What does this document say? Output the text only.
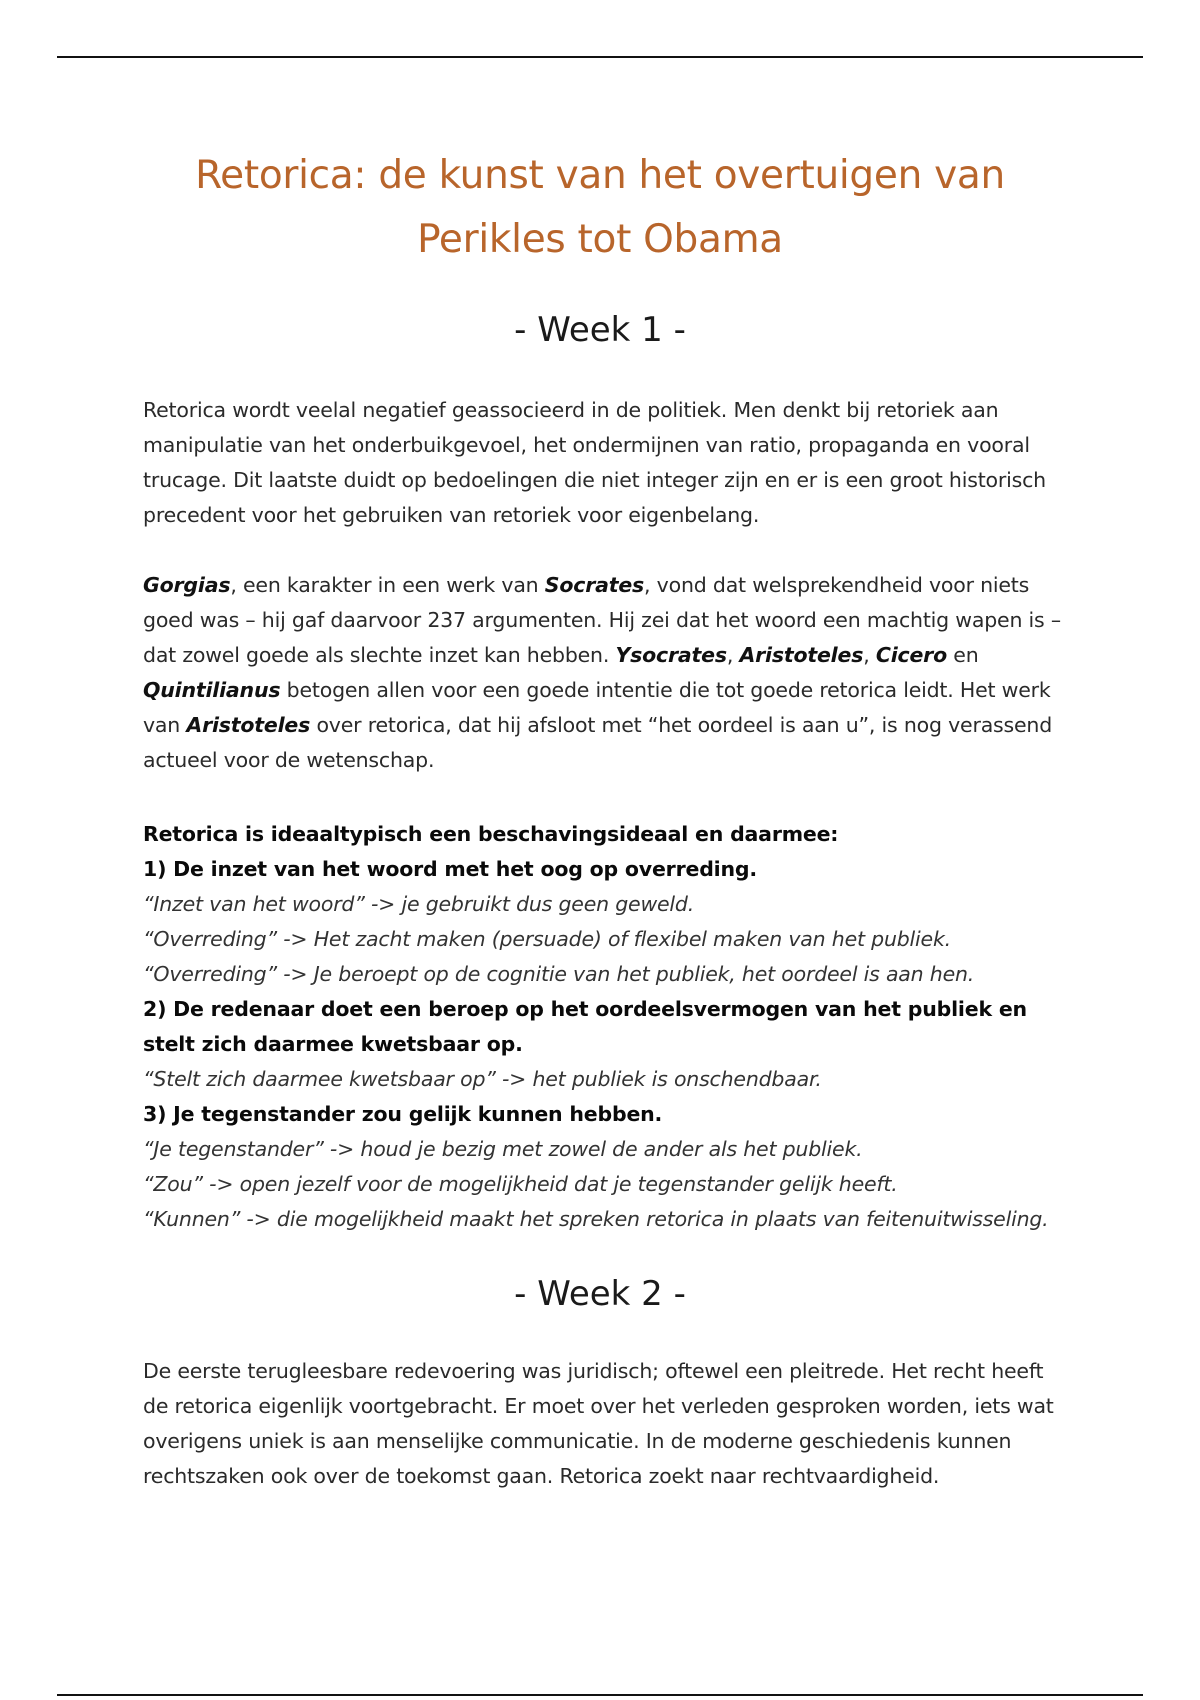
Retorica: de kunst van het overtuigen van
Perikles tot Obama
- Week 1 -
Retorica wordt veelal negatief geassocieerd in de politiek. Men denkt bij retoriek aan manipulatie van het onderbuikgevoel, het ondermijnen van ratio, propaganda en vooral trucage. Dit laatste duidt op bedoelingen die niet integer zijn en er is een groot historisch precedent voor het gebruiken van retoriek voor eigenbelang.
Gorgias, een karakter in een werk van Socrates, vond dat welsprekendheid voor niets goed was – hij gaf daarvoor 237 argumenten. Hij zei dat het woord een machtig wapen is – dat zowel goede als slechte inzet kan hebben. Ysocrates, Aristoteles, Cicero en Quintilianus betogen allen voor een goede intentie die tot goede retorica leidt. Het werk van Aristoteles over retorica, dat hij afsloot met “het oordeel is aan u”, is nog verassend actueel voor de wetenschap.
Retorica is ideaaltypisch een beschavingsideaal en daarmee:
1) De inzet van het woord met het oog op overreding.
“Inzet van het woord” -> je gebruikt dus geen geweld.
“Overreding” -> Het zacht maken (persuade) of flexibel maken van het publiek.
“Overreding” -> Je beroept op de cognitie van het publiek, het oordeel is aan hen.
2) De redenaar doet een beroep op het oordeelsvermogen van het publiek en stelt zich daarmee kwetsbaar op.
“Stelt zich daarmee kwetsbaar op” -> het publiek is onschendbaar.
3) Je tegenstander zou gelijk kunnen hebben.
“Je tegenstander” -> houd je bezig met zowel de ander als het publiek.
“Zou” -> open jezelf voor de mogelijkheid dat je tegenstander gelijk heeft.
“Kunnen” -> die mogelijkheid maakt het spreken retorica in plaats van feitenuitwisseling.
- Week 2 -
De eerste terugleesbare redevoering was juridisch; oftewel een pleitrede. Het recht heeft de retorica eigenlijk voortgebracht. Er moet over het verleden gesproken worden, iets wat overigens uniek is aan menselijke communicatie. In de moderne geschiedenis kunnen rechtszaken ook over de toekomst gaan. Retorica zoekt naar rechtvaardigheid.
